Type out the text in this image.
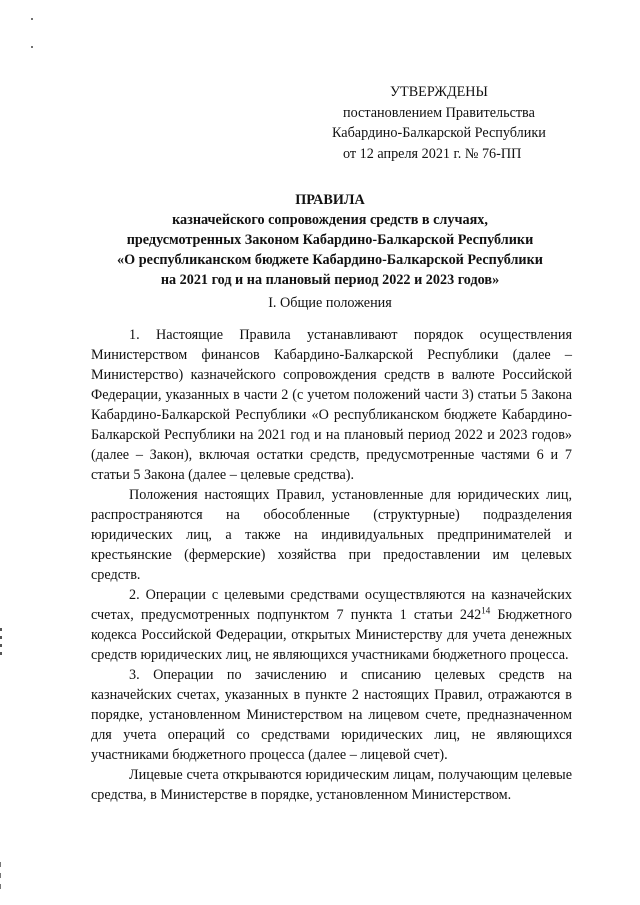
УТВЕРЖДЕНЫ
постановлением Правительства
Кабардино-Балкарской Республики
от 12 апреля 2021 г. № 76-ПП
ПРАВИЛА
казначейского сопровождения средств в случаях,
предусмотренных Законом Кабардино-Балкарской Республики
«О республиканском бюджете Кабардино-Балкарской Республики
на 2021 год и на плановый период 2022 и 2023 годов»
I. Общие положения

1. Настоящие Правила устанавливают порядок осуществления Министерством финансов Кабардино-Балкарской Республики (далее – Министерство) казначейского сопровождения средств в валюте Российской Федерации, указанных в части 2 (с учетом положений части 3) статьи 5 Закона Кабардино-Балкарской Республики «О республиканском бюджете Кабардино-Балкарской Республики на 2021 год и на плановый период 2022 и 2023 годов» (далее – Закон), включая остатки средств, предусмотренные частями 6 и 7 статьи 5 Закона (далее – целевые средства).

Положения настоящих Правил, установленные для юридических лиц, распространяются на обособленные (структурные) подразделения юридических лиц, а также на индивидуальных предпринимателей и крестьянские (фермерские) хозяйства при предоставлении им целевых средств.

2. Операции с целевыми средствами осуществляются на казначейских счетах, предусмотренных подпунктом 7 пункта 1 статьи $242^{14}$ Бюджетного кодекса Российской Федерации, открытых Министерству для учета денежных средств юридических лиц, не являющихся участниками бюджетного процесса.

3. Операции по зачислению и списанию целевых средств на казначейских счетах, указанных в пункте 2 настоящих Правил, отражаются в порядке, установленном Министерством на лицевом счете, предназначенном для учета операций со средствами юридических лиц, не являющихся участниками бюджетного процесса (далее – лицевой счет).

Лицевые счета открываются юридическим лицам, получающим целевые средства, в Министерстве в порядке, установленном Министерством.
